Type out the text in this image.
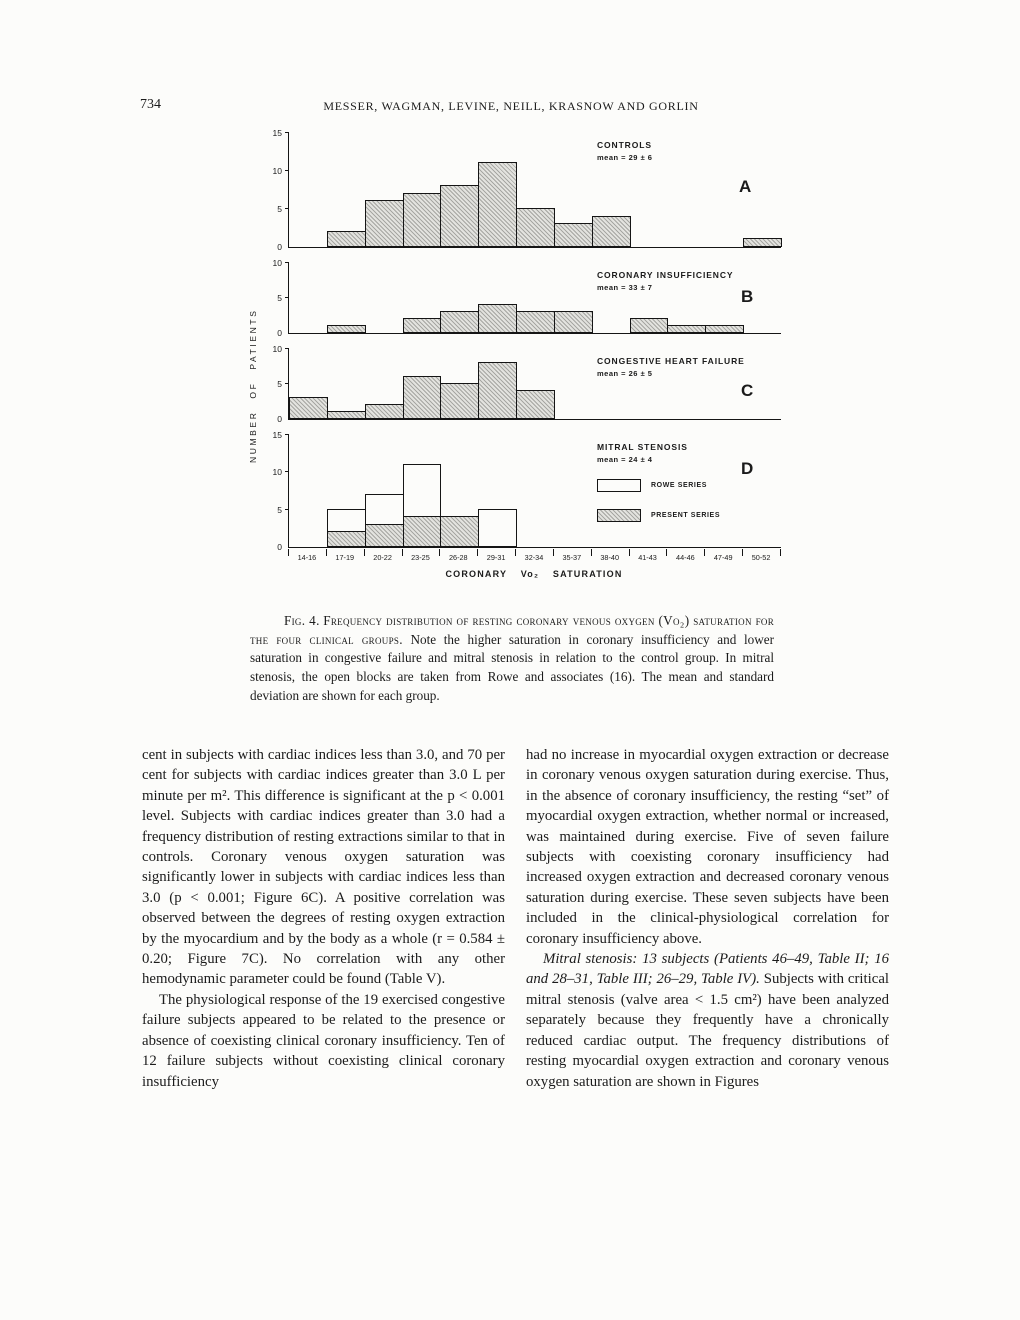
734	MESSER, WAGMAN, LEVINE, NEILL, KRASNOW AND GORLIN
NUMBER OF PATIENTS
0
5
10
15
CONTROLS
mean = 29 ± 6
A
0
5
10
CORONARY INSUFFICIENCY
mean = 33 ± 7	B
0
5
10
CONGESTIVE HEART FAILURE
mean = 26 ± 5
C
0
5
10
15
MITRAL STENOSIS
mean = 24 ± 4	D
ROWE SERIES
PRESENT SERIES
14-16	17-19	20-22	23-25	26-28	29-31	32-34	35-37	38-40	41-43	44-46	47-49	50-52
CORONARY Vo₂ SATURATION

Fig. 4. Frequency distribution of resting coronary venous oxygen (Vo₂) saturation for the four clinical groups. Note the higher saturation in coronary insufficiency and lower saturation in congestive failure and mitral stenosis in relation to the control group. In mitral stenosis, the open blocks are taken from Rowe and associates (16). The mean and standard deviation are shown for each group.

cent in subjects with cardiac indices less than 3.0, and 70 per cent for subjects with cardiac indices greater than 3.0 L per minute per m². This difference is significant at the p < 0.001 level. Subjects with cardiac indices greater than 3.0 had a frequency distribution of resting extractions similar to that in controls. Coronary venous oxygen saturation was significantly lower in subjects with cardiac indices less than 3.0 (p < 0.001; Figure 6C). A positive correlation was observed between the degrees of resting oxygen extraction by the myocardium and by the body as a whole (r = 0.584 ± 0.20; Figure 7C). No correlation with any other hemodynamic parameter could be found (Table V).

The physiological response of the 19 exercised congestive failure subjects appeared to be related to the presence or absence of coexisting clinical coronary insufficiency. Ten of 12 failure subjects without coexisting clinical coronary insufficiency

had no increase in myocardial oxygen extraction or decrease in coronary venous oxygen saturation during exercise. Thus, in the absence of coronary insufficiency, the resting “set” of myocardial oxygen extraction, whether normal or increased, was maintained during exercise. Five of seven failure subjects with coexisting coronary insufficiency had increased oxygen extraction and decreased coronary venous saturation during exercise. These seven subjects have been included in the clinical-physiological correlation for coronary insufficiency above.

Mitral stenosis: 13 subjects (Patients 46–49, Table II; 16 and 28–31, Table III; 26–29, Table IV). Subjects with critical mitral stenosis (valve area < 1.5 cm²) have been analyzed separately because they frequently have a chronically reduced cardiac output. The frequency distributions of resting myocardial oxygen extraction and coronary venous oxygen saturation are shown in Figures
